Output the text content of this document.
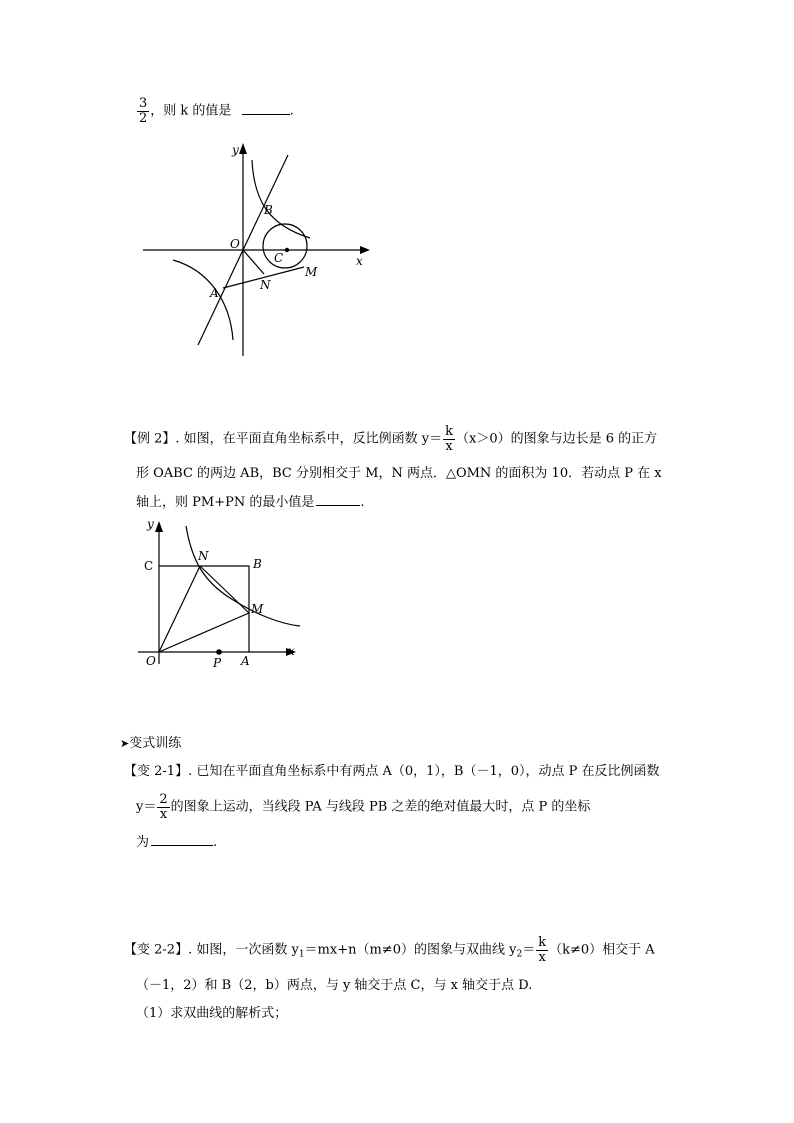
$\frac{3}{2}$ ，则 k 的值是	.
y
x
O
B
C
M
N
A
【例 2】. 如图，在平面直角坐标系中，反比例函数 $y= \frac{k}{x} (x>0)$的图象与边长是 6 的正方
形 OABC 的两边 AB，BC 分别相交于 M，N 两点．△OMN 的面积为 10．若动点 P 在 x
轴上，则 PM+PN 的最小值是	.
y
x
O
C
N
B
M
P A
➤变式训练
【变 2-1】. 已知在平面直角坐标系中有两点 A（0，1），B（－1，0），动点 P 在反比例函数
$y= \frac{2}{x}$ 的图象上运动，当线段 PA 与线段 PB 之差的绝对值最大时，点 P 的坐标
为	.
【变 2-2】. 如图，一次函数 $y_1=mx+n(m\ne 0)$的图象与双曲线 $y_2= \frac{k}{x} (k\ne 0)$相交于 A
（－1，2）和 B（2，b）两点，与 y 轴交于点 C，与 x 轴交于点 D.
（1）求双曲线的解析式；
